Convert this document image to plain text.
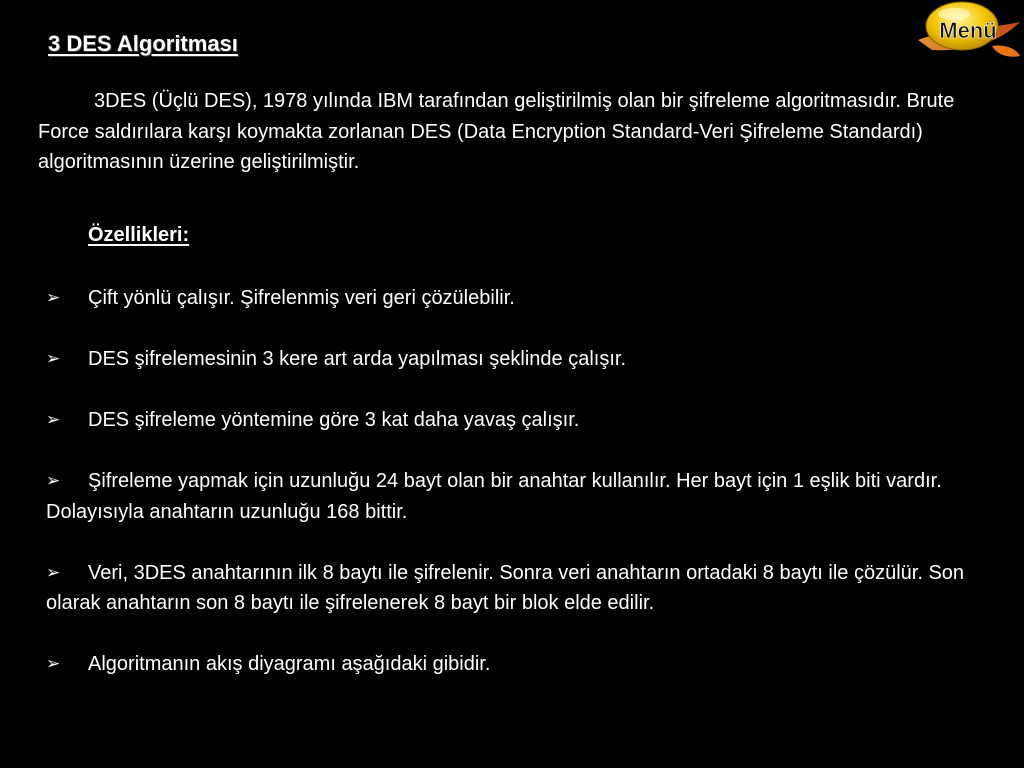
3 DES Algoritması
3DES (Üçlü DES), 1978 yılında IBM tarafından geliştirilmiş olan bir şifreleme algoritmasıdır. Brute Force saldırılara karşı koymakta zorlanan DES (Data Encryption Standard-Veri Şifreleme Standardı) algoritmasının üzerine geliştirilmiştir.
Özellikleri:
➢ Çift yönlü çalışır. Şifrelenmiş veri geri çözülebilir.
➢ DES şifrelemesinin 3 kere art arda yapılması şeklinde çalışır.
➢ DES şifreleme yöntemine göre 3 kat daha yavaş çalışır.
➢ Şifreleme yapmak için uzunluğu 24 bayt olan bir anahtar kullanılır. Her bayt için 1 eşlik biti vardır. Dolayısıyla anahtarın uzunluğu 168 bittir.
➢ Veri, 3DES anahtarının ilk 8 baytı ile şifrelenir. Sonra veri anahtarın ortadaki 8 baytı ile çözülür. Son olarak anahtarın son 8 baytı ile şifrelenerek 8 bayt bir blok elde edilir.
➢ Algoritmanın akış diyagramı aşağıdaki gibidir.
Menü
